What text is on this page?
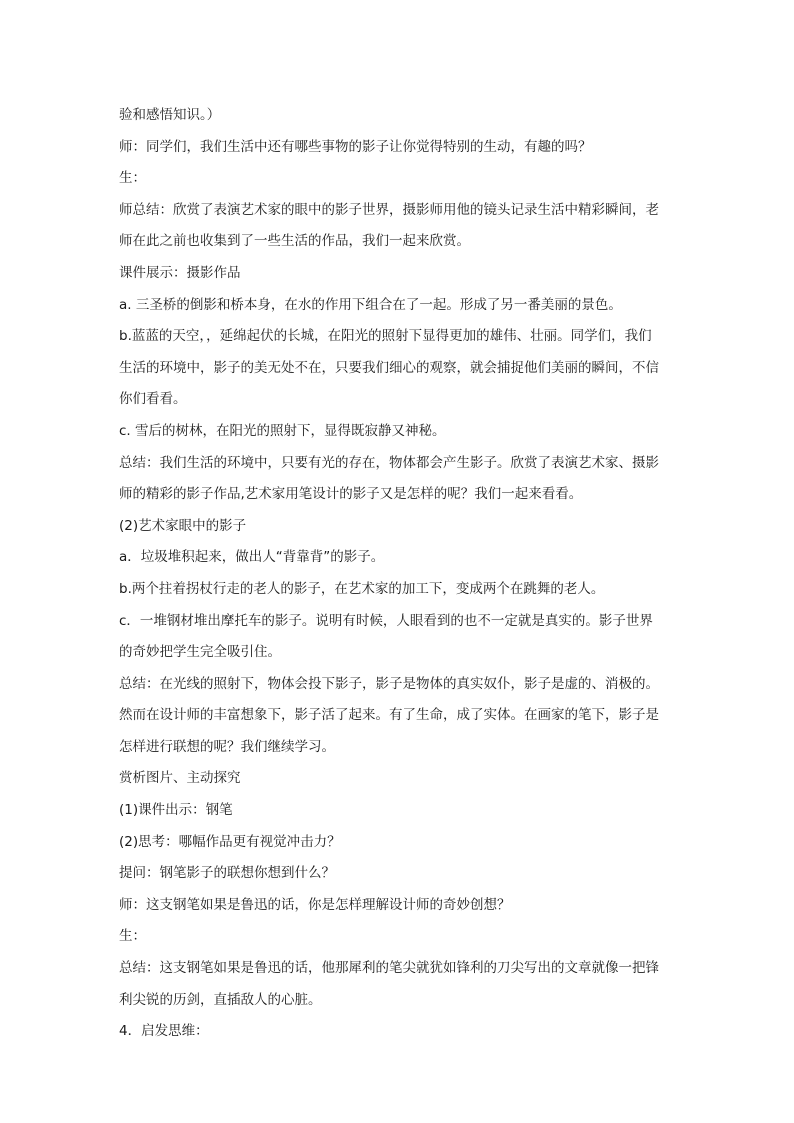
验和感悟知识。）
师：同学们，我们生活中还有哪些事物的影子让你觉得特别的生动，有趣的吗？
生：
师总结：欣赏了表演艺术家的眼中的影子世界，摄影师用他的镜头记录生活中精彩瞬间，老
师在此之前也收集到了一些生活的作品，我们一起来欣赏。
课件展示：摄影作品
a. 三圣桥的倒影和桥本身，在水的作用下组合在了一起。形成了另一番美丽的景色。
b.蓝蓝的天空，，延绵起伏的长城，在阳光的照射下显得更加的雄伟、壮丽。同学们，我们
生活的环境中，影子的美无处不在，只要我们细心的观察，就会捕捉他们美丽的瞬间，不信
你们看看。
c. 雪后的树林，在阳光的照射下，显得既寂静又神秘。
总结：我们生活的环境中，只要有光的存在，物体都会产生影子。欣赏了表演艺术家、摄影
师的精彩的影子作品,艺术家用笔设计的影子又是怎样的呢？我们一起来看看。
(2)艺术家眼中的影子
a．垃圾堆积起来，做出人“背靠背”的影子。
b.两个拄着拐杖行走的老人的影子，在艺术家的加工下，变成两个在跳舞的老人。
c．一堆钢材堆出摩托车的影子。说明有时候，人眼看到的也不一定就是真实的。影子世界
的奇妙把学生完全吸引住。
总结：在光线的照射下，物体会投下影子，影子是物体的真实奴仆，影子是虚的、消极的。
然而在设计师的丰富想象下，影子活了起来。有了生命，成了实体。在画家的笔下，影子是
怎样进行联想的呢？我们继续学习。
赏析图片、主动探究
(1)课件出示：钢笔
(2)思考：哪幅作品更有视觉冲击力？
提问：钢笔影子的联想你想到什么？
师：这支钢笔如果是鲁迅的话，你是怎样理解设计师的奇妙创想？
生：
总结：这支钢笔如果是鲁迅的话，他那犀利的笔尖就犹如锋利的刀尖写出的文章就像一把锋
利尖锐的历剑，直插敌人的心脏。
4．启发思维：
